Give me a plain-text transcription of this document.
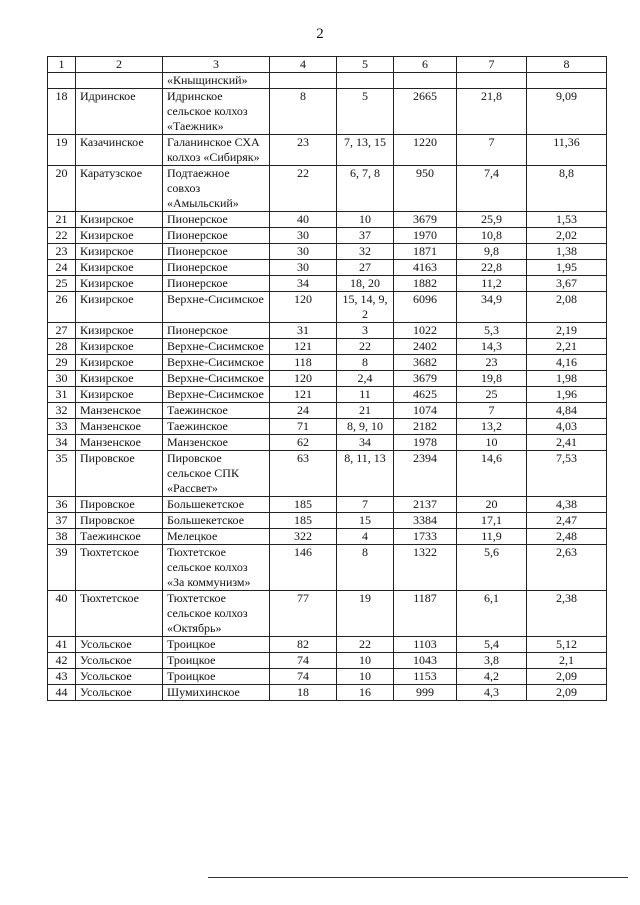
2
1	2	3	4	5	6	7	8
		«Кныщинский»					
18	Идринское	Идринское сельское колхоз «Таежник»	8	5	2665	21,8	9,09
19	Казачинское	Галанинское СХА колхоз «Сибиряк»	23	7, 13, 15	1220	7	11,36
20	Каратузское	Подтаежное совхоз «Амыльский»	22	6, 7, 8	950	7,4	8,8
21	Кизирское	Пионерское	40	10	3679	25,9	1,53
22	Кизирское	Пионерское	30	37	1970	10,8	2,02
23	Кизирское	Пионерское	30	32	1871	9,8	1,38
24	Кизирское	Пионерское	30	27	4163	22,8	1,95
25	Кизирское	Пионерское	34	18, 20	1882	11,2	3,67
26	Кизирское	Верхне-Сисимское	120	15, 14, 9, 2	6096	34,9	2,08
27	Кизирское	Пионерское	31	3	1022	5,3	2,19
28	Кизирское	Верхне-Сисимское	121	22	2402	14,3	2,21
29	Кизирское	Верхне-Сисимское	118	8	3682	23	4,16
30	Кизирское	Верхне-Сисимское	120	2,4	3679	19,8	1,98
31	Кизирское	Верхне-Сисимское	121	11	4625	25	1,96
32	Манзенское	Таежинское	24	21	1074	7	4,84
33	Манзенское	Таежинское	71	8, 9, 10	2182	13,2	4,03
34	Манзенское	Манзенское	62	34	1978	10	2,41
35	Пировское	Пировское сельское СПК «Рассвет»	63	8, 11, 13	2394	14,6	7,53
36	Пировское	Большекетское	185	7	2137	20	4,38
37	Пировское	Большекетское	185	15	3384	17,1	2,47
38	Таежинское	Мелецкое	322	4	1733	11,9	2,48
39	Тюхтетское	Тюхтетское сельское колхоз «За коммунизм»	146	8	1322	5,6	2,63
40	Тюхтетское	Тюхтетское сельское колхоз «Октябрь»	77	19	1187	6,1	2,38
41	Усольское	Троицкое	82	22	1103	5,4	5,12
42	Усольское	Троицкое	74	10	1043	3,8	2,1
43	Усольское	Троицкое	74	10	1153	4,2	2,09
44	Усольское	Шумихинское	18	16	999	4,3	2,09
